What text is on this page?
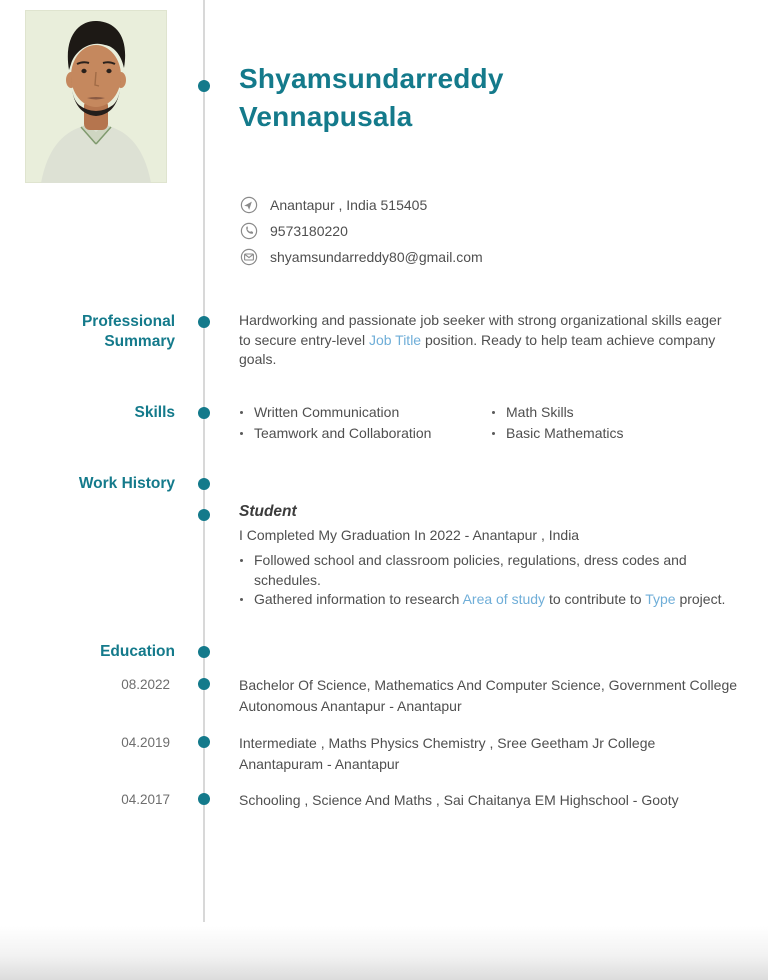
Shyamsundarreddy
Vennapusala
Anantapur , India 515405
9573180220
shyamsundarreddy80@gmail.com
Professional Summary
Hardworking and passionate job seeker with strong organizational skills eager to secure entry-level Job Title position. Ready to help team achieve company goals.
Skills	Written Communication
Teamwork and Collaboration
Math Skills
Basic Mathematics
Work History
Student
I Completed My Graduation In 2022 - Anantapur , India
Followed school and classroom policies, regulations, dress codes and schedules.
Gathered information to research Area of study to contribute to Type project.
Education
08.2022	Bachelor Of Science, Mathematics And Computer Science, Government College Autonomous Anantapur - Anantapur
04.2019	Intermediate , Maths Physics Chemistry , Sree Geetham Jr College Anantapuram - Anantapur
04.2017	Schooling , Science And Maths , Sai Chaitanya EM Highschool - Gooty
